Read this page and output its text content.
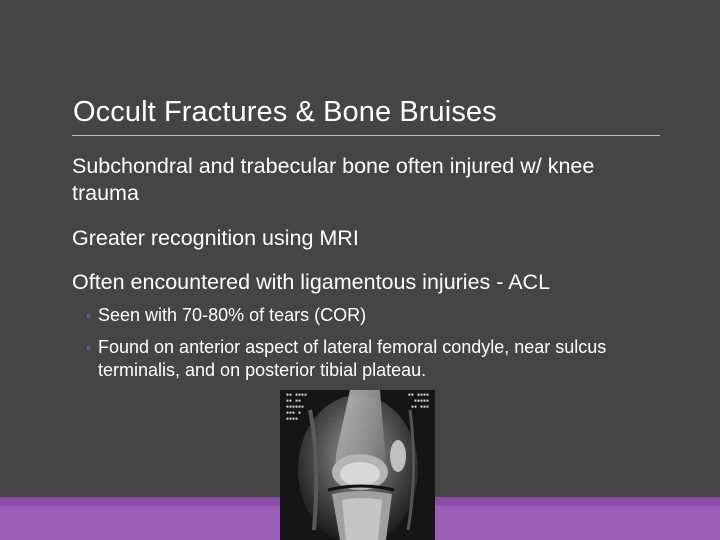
Occult Fractures & Bone Bruises
Subchondral and trabecular bone often injured w/ knee trauma
Greater recognition using MRI
Often encountered with ligamentous injuries - ACL
◦ Seen with 70-80% of tears (COR)
◦ Found on anterior aspect of lateral femoral condyle, near sulcus terminalis, and on posterior tibial plateau.
▪▪ ▪▪▪▪
▪▪ ▪▪
▪▪▪▪▪▪
▪▪▪ ▪
▪▪▪▪
▪▪ ▪▪▪▪
▪▪▪▪▪
▪▪ ▪▪▪
